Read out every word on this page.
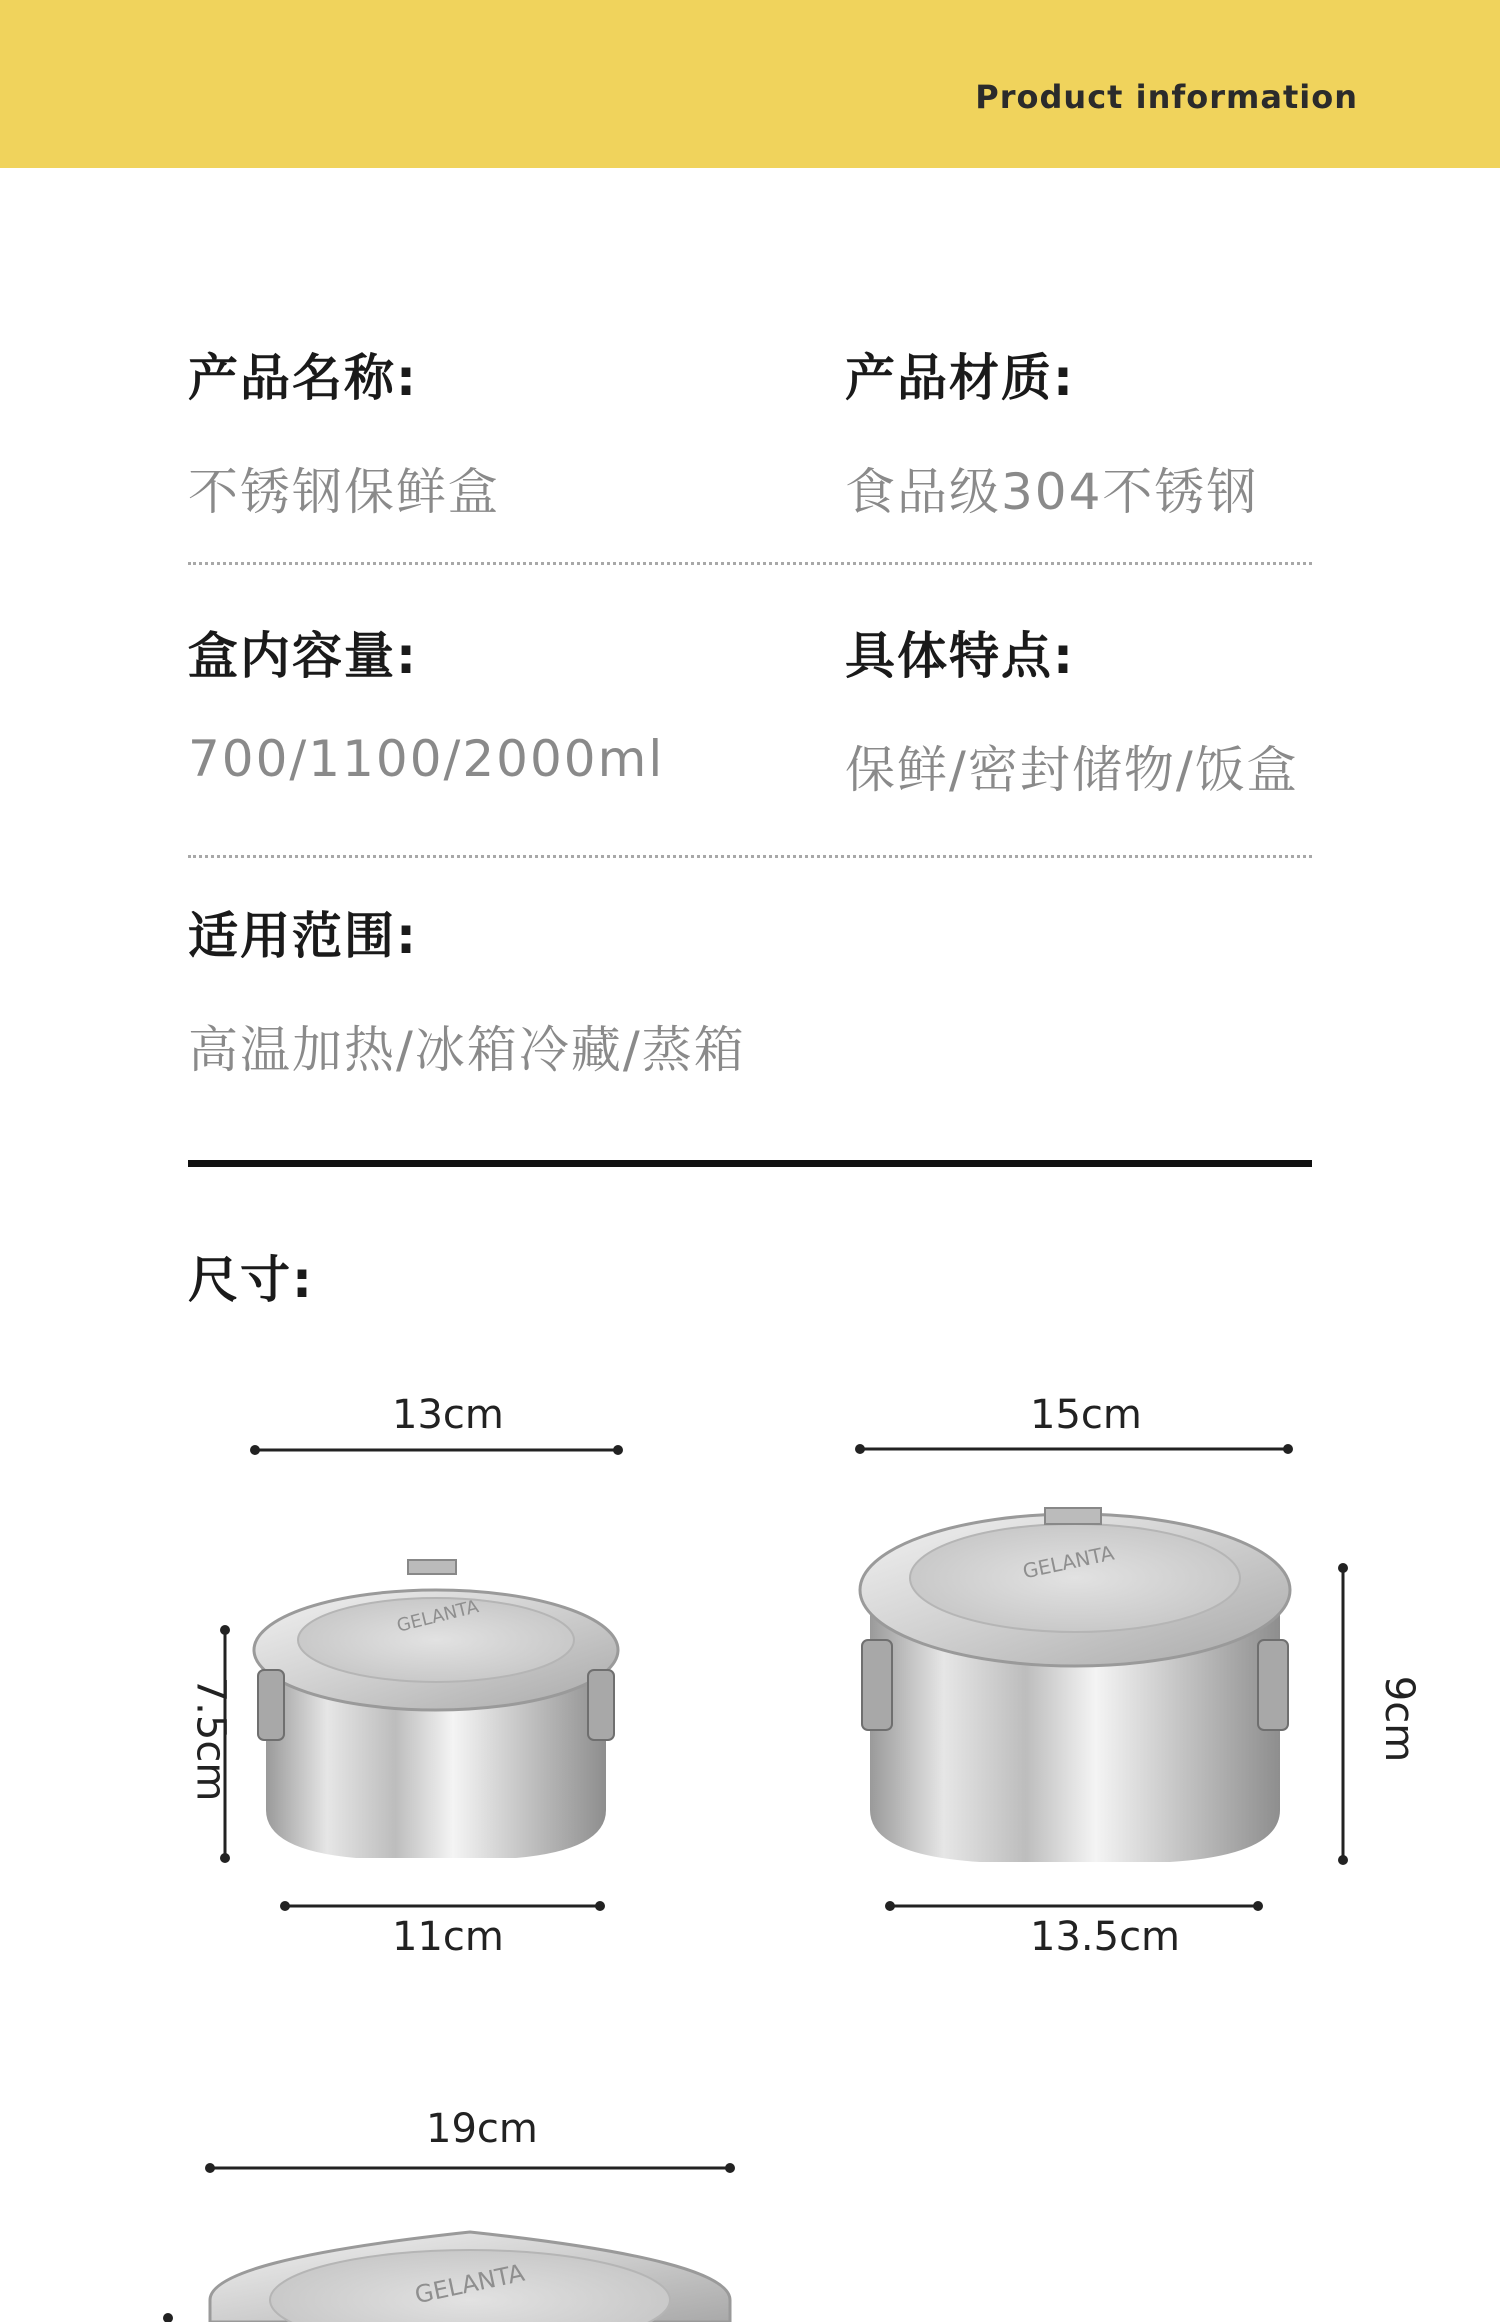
Product information
产品名称:
不锈钢保鲜盒
产品材质:
食品级304不锈钢
盒内容量:
700/1100/2000ml
具体特点:
保鲜/密封储物/饭盒
适用范围:
高温加热/冰箱冷藏/蒸箱
尺寸:
GELANTA
GELANTA
GELANTA
13cm
7.5cm
11cm
15cm
9cm
13.5cm
19cm
